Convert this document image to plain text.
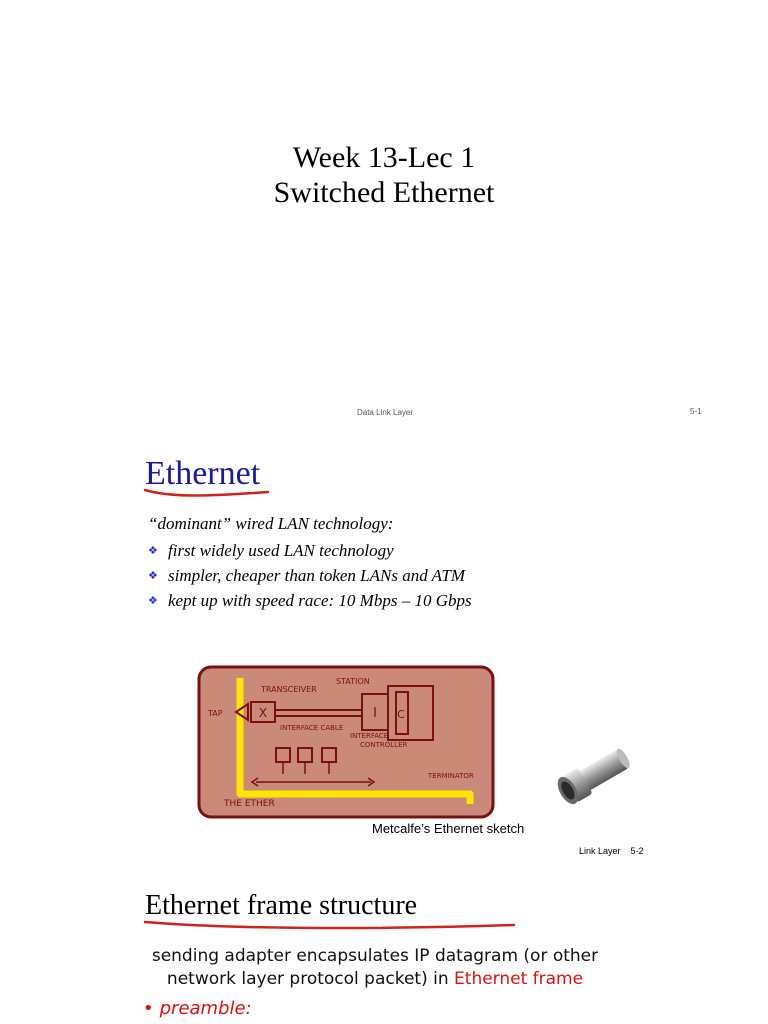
Week 13-Lec 1
Switched Ethernet
Data Link Layer	5-1
Ethernet
“dominant” wired LAN technology:
❖ first widely used LAN technology
❖ simpler, cheaper than token LANs and ATM
❖ kept up with speed race: 10 Mbps – 10 Gbps
X	I C
STATION
TRANSCEIVER
TAP
INTERFACE CABLE
INTERFACE
CONTROLLER
TERMINATOR
THE ETHER
Metcalfe’s Ethernet sketch
Link Layer 5-2
Ethernet frame structure
sending adapter encapsulates IP datagram (or other network layer protocol packet) in Ethernet frame
• preamble:
